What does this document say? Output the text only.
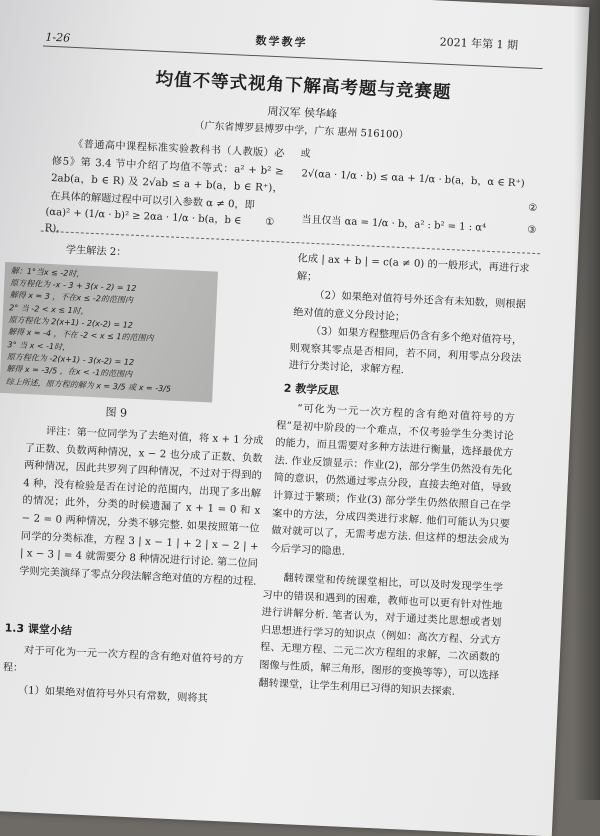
1-26	数学教学	2021 年第 1 期
均值不等式视角下解高考题与竞赛题
周汉军 侯华峰
（广东省博罗县博罗中学，广东 惠州 516100）
《普通高中课程标准实验教科书（人教版）必修5》第 3.4 节中介绍了均值不等式：a² + b² ≥ 2ab(a，b ∈ R) 及 2√ab ≤ a + b(a，b ∈ R⁺)，在具体的解题过程中可以引入参数 α ≠ 0，即
(αa)² + (1/α · b)² ≥ 2αa · 1/α · b(a，b ∈ R)，
①
或
2√(αa · 1/α · b) ≤ αa + 1/α · b(a，b，α ∈ R⁺)
②
当且仅当 αa = 1/α · b，a² : b² = 1 : α⁴	③
学生解法 2：
解：1°当x ≤ -2时，
原方程化为 -x - 3 + 3(x - 2) = 12
解得 x = 3 ，不在x ≤ -2的范围内
2° 当 -2 < x ≤ 1时，
原方程化为 2(x+1) - 2(x-2) = 12
解得 x = -4 ，不在 -2 < x ≤ 1的范围内
3° 当 x < -1时，
原方程化为 -2(x+1) - 3(x-2) = 12
解得 x = -3/5 ，在x < -1的范围内
综上所述，原方程的解为 x = 3/5 或 x = -3/5
图 9
评注：第一位同学为了去绝对值，将 x + 1 分成了正数、负数两种情况，x − 2 也分成了正数、负数两种情况，因此共罗列了四种情况，不过对于得到的 4 种，没有检验是否在讨论的范围内，出现了多出解的情况；此外，分类的时候遗漏了 x + 1 = 0 和 x − 2 = 0 两种情况，分类不够完整. 如果按照第一位同学的分类标准，方程 3 | x − 1 | + 2 | x − 2 | + | x − 3 | = 4 就需要分 8 种情况进行讨论. 第二位同学则完美演绎了零点分段法解含绝对值的方程的过程.
1.3 课堂小结
对于可化为一元一次方程的含有绝对值符号的方程：
（1）如果绝对值符号外只有常数，则将其
化成 | ax + b | = c(a ≠ 0) 的一般形式，再进行求解；
（2）如果绝对值符号外还含有未知数，则根据绝对值的意义分段讨论；
（3）如果方程整理后仍含有多个绝对值符号，则观察其零点是否相同，若不同，利用零点分段法进行分类讨论，求解方程.
2 教学反思
“可化为一元一次方程的含有绝对值符号的方程”是初中阶段的一个难点，不仅考验学生分类讨论的能力，而且需要对多种方法进行衡量，选择最优方法. 作业反馈显示：作业(2)，部分学生仍然没有先化简的意识，仍然通过零点分段，直接去绝对值，导致计算过于繁琐；作业(3) 部分学生仍然依照自己在学案中的方法，分成四类进行求解. 他们可能认为只要做对就可以了，无需考虑方法. 但这样的想法会成为今后学习的隐患.
翻转课堂和传统课堂相比，可以及时发现学生学习中的错误和遇到的困难，教师也可以更有针对性地进行讲解分析. 笔者认为，对于通过类比思想或者划归思想进行学习的知识点（例如：高次方程、分式方程、无理方程、二元二次方程组的求解，二次函数的图像与性质，解三角形，图形的变换等等），可以选择翻转课堂，让学生利用已习得的知识去探索.
